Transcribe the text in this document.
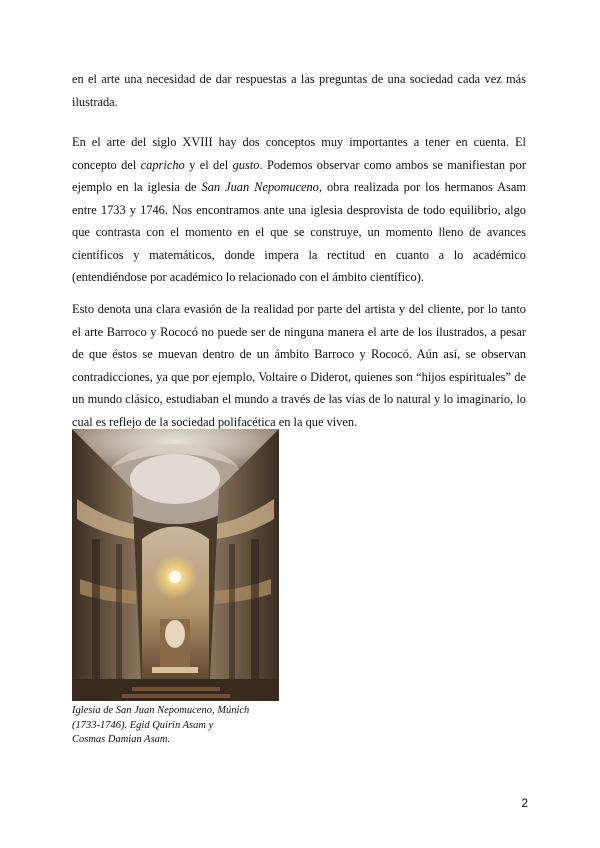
en el arte una necesidad de dar respuestas a las preguntas de una sociedad cada vez más ilustrada.

En el arte del siglo XVIII hay dos conceptos muy importantes a tener en cuenta. El concepto del capricho y el del gusto. Podemos observar como ambos se manifiestan por ejemplo en la iglesia de San Juan Nepomuceno, obra realizada por los hermanos Asam entre 1733 y 1746. Nos encontramos ante una iglesia desprovista de todo equilibrio, algo que contrasta con el momento en el que se construye, un momento lleno de avances científicos y matemáticos, donde impera la rectitud en cuanto a lo académico (entendiéndose por académico lo relacionado con el ámbito científico).

Esto denota una clara evasión de la realidad por parte del artista y del cliente, por lo tanto el arte Barroco y Rococó no puede ser de ninguna manera el arte de los ilustrados, a pesar de que éstos se muevan dentro de un ámbito Barroco y Rococó. Aún así, se observan contradicciones, ya que por ejemplo, Voltaire o Diderot, quienes son “hijos espirituales” de un mundo clásico, estudiaban el mundo a través de las vías de lo natural y lo imaginario, lo cual es reflejo de la sociedad polifacética en la que viven.

Iglesia de San Juan Nepomuceno, Múnich
(1733-1746). Egid Quirin Asam y
Cosmas Damian Asam.

2
